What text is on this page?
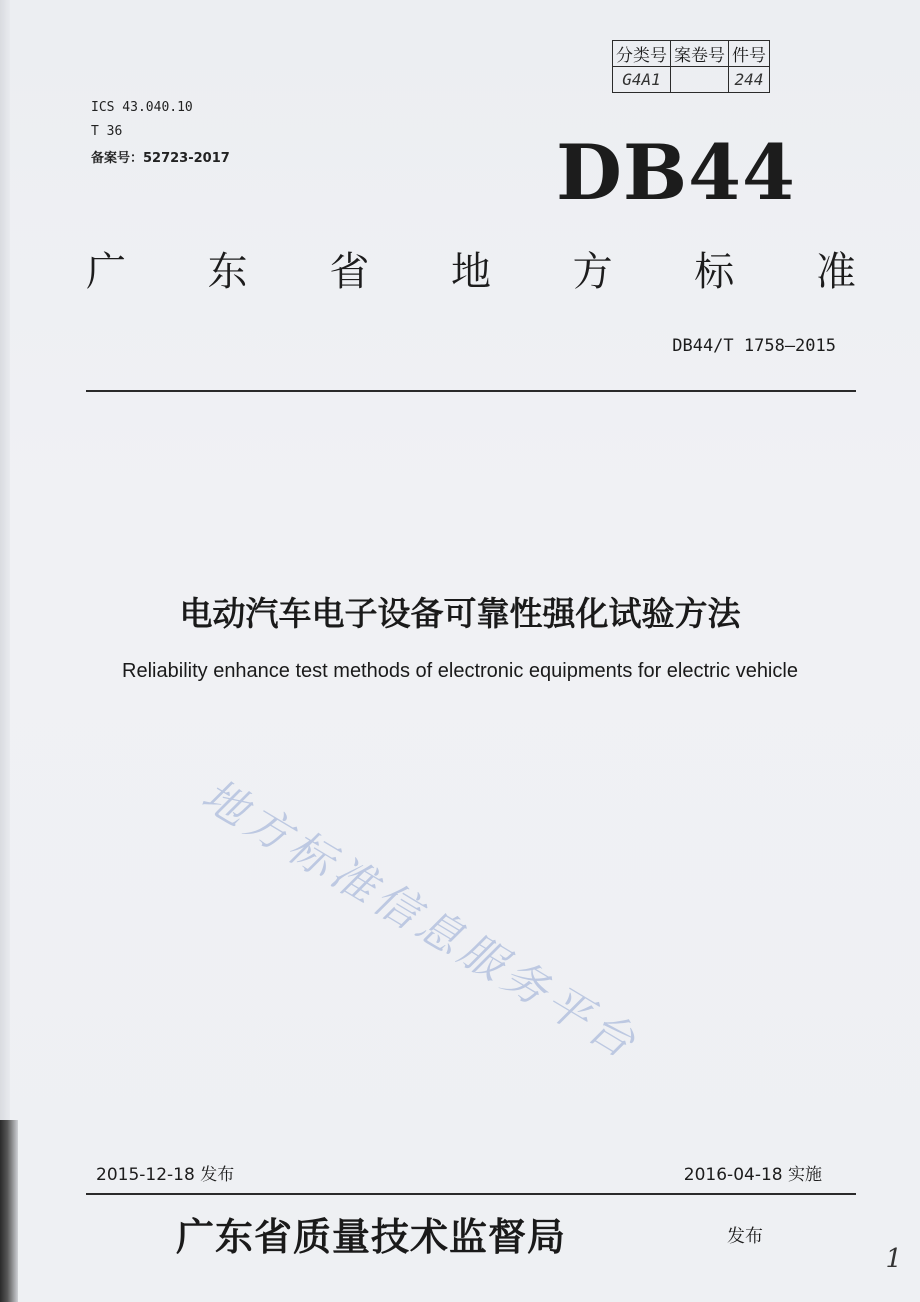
分类号	案卷号	件号
G4A1		244
ICS 43.040.10
T 36
备案号：52723-2017	DB44
广 东 省 地 方 标 准
DB44/T 1758—2015
电动汽车电子设备可靠性强化试验方法
Reliability enhance test methods of electronic equipments for electric vehicle
地方标准信息服务平台
2015-12-18 发布	2016-04-18 实施
广东省质量技术监督局	发布
1
